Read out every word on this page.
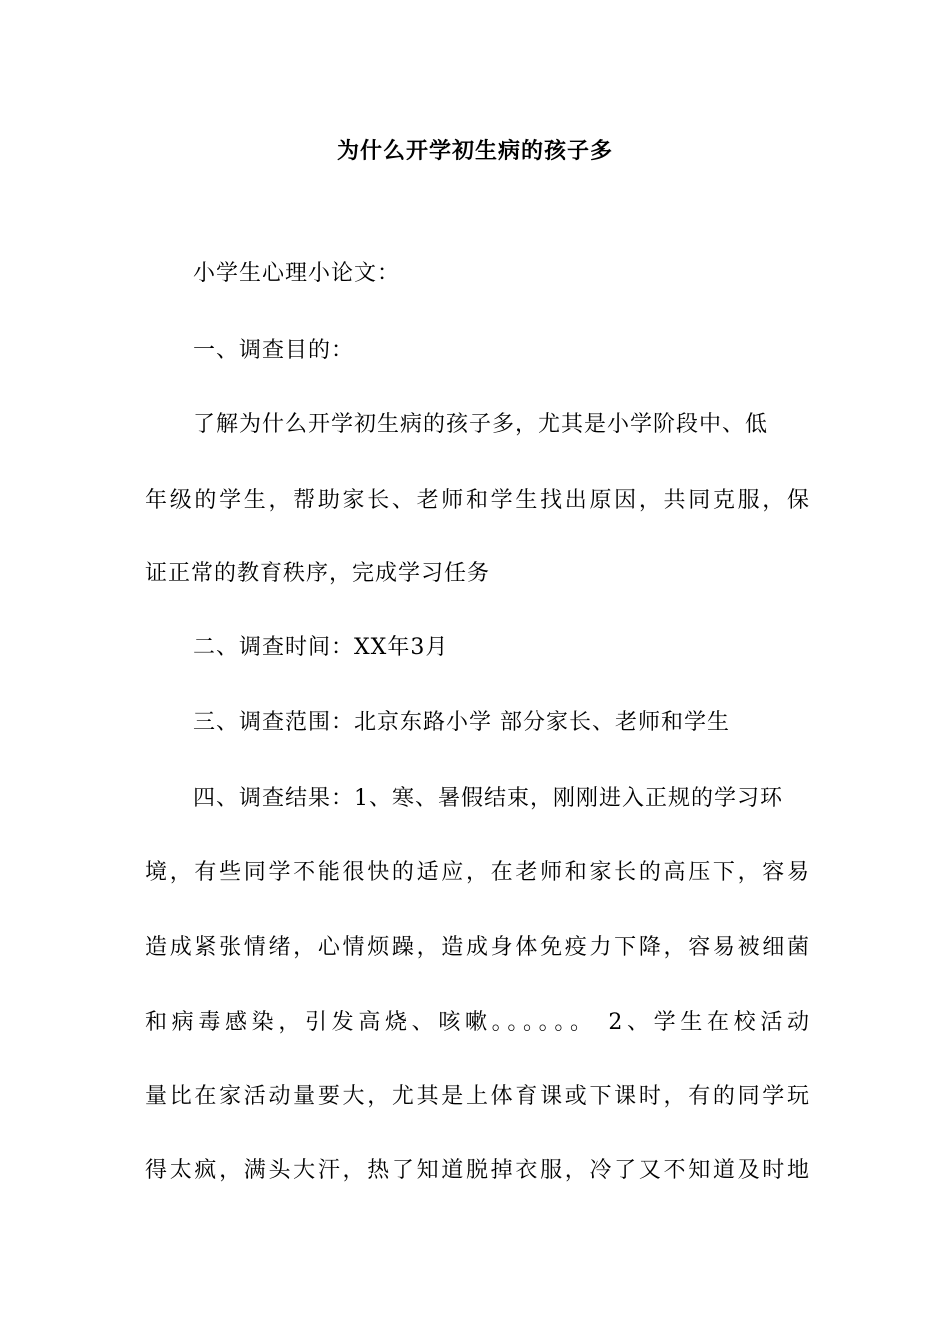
为什么开学初生病的孩子多
小学生心理小论文：
一、调查目的：
了解为什么开学初生病的孩子多，尤其是小学阶段中、低
年级的学生，帮助家长、老师和学生找出原因，共同克服，保
证正常的教育秩序，完成学习任务
二、调查时间：XX年3月
三、调查范围：北京东路小学 部分家长、老师和学生
四、调查结果：1、寒、暑假结束，刚刚进入正规的学习环
境，有些同学不能很快的适应，在老师和家长的高压下，容易
造成紧张情绪，心情烦躁，造成身体免疫力下降，容易被细菌
和病毒感染，引发高烧、咳嗽。。。。。。 2、学生在校活动
量比在家活动量要大，尤其是上体育课或下课时，有的同学玩
得太疯，满头大汗，热了知道脱掉衣服，冷了又不知道及时地
